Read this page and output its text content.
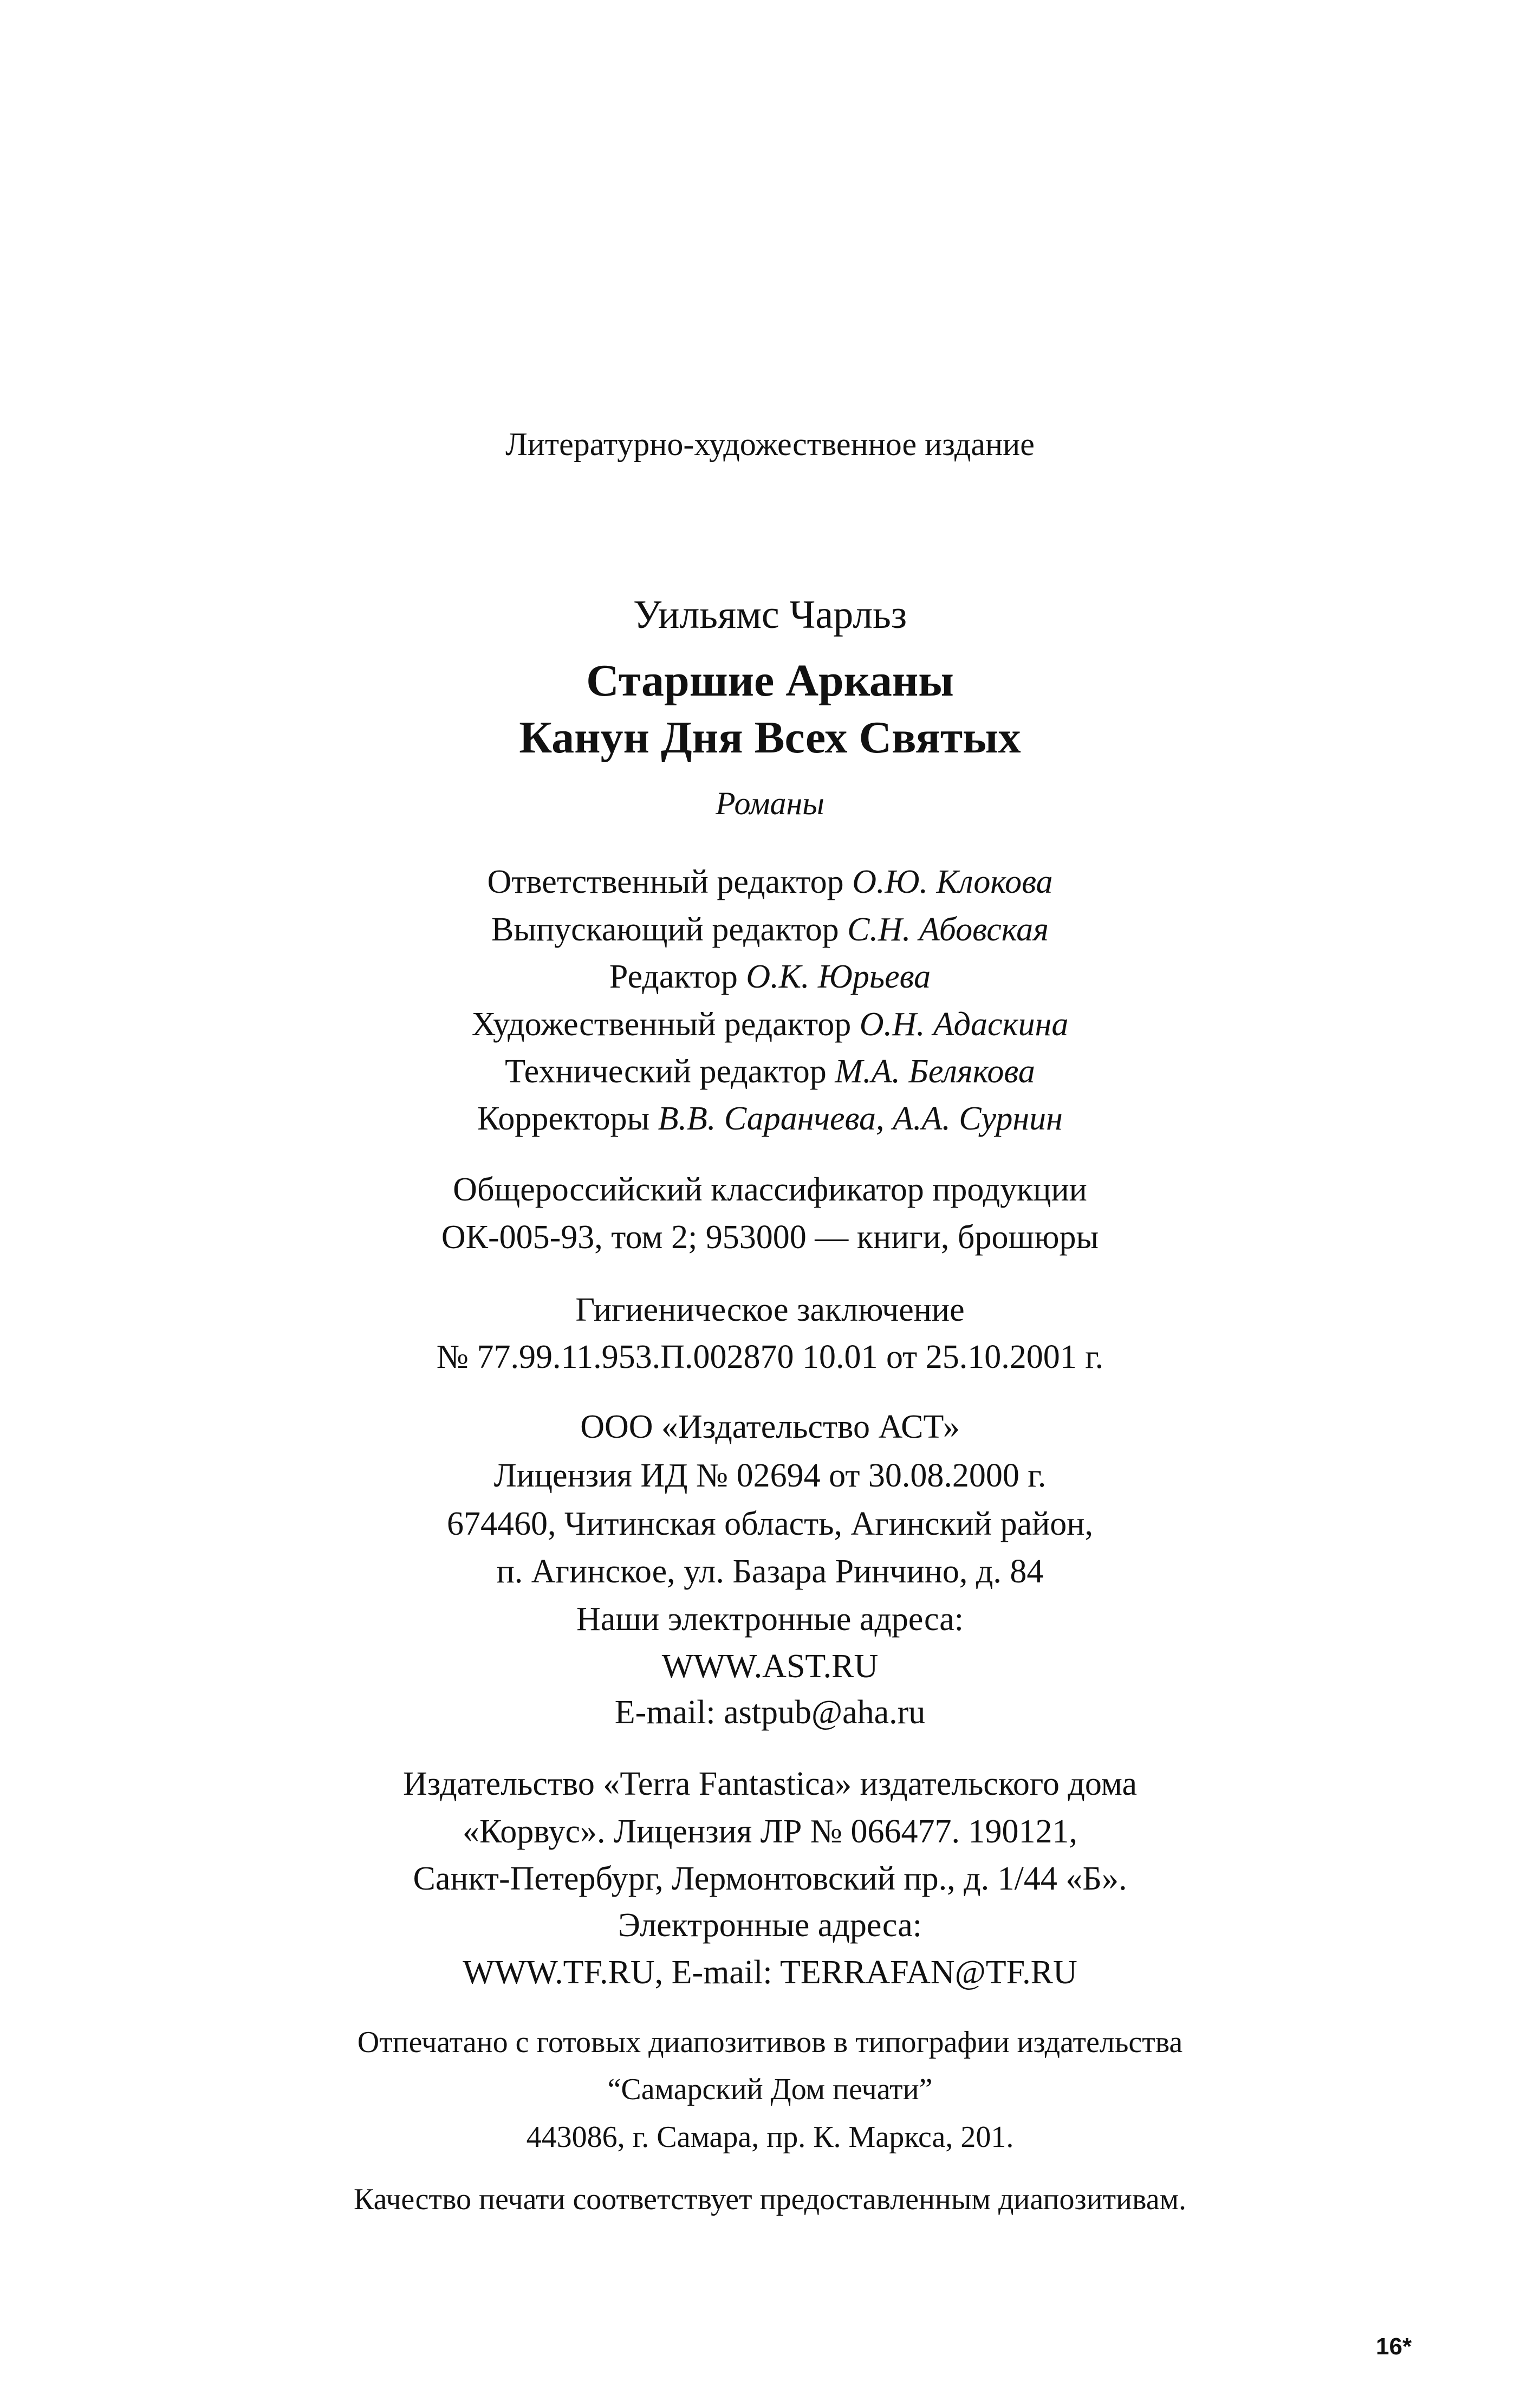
Литературно-художественное издание
Уильямс Чарльз
Старшие Арканы
Канун Дня Всех Святых
Романы
Ответственный редактор О.Ю. Клокова
Выпускающий редактор С.Н. Абовская
Редактор О.К. Юрьева
Художественный редактор О.Н. Адаскина
Технический редактор М.А. Белякова
Корректоры В.В. Саранчева, А.А. Сурнин
Общероссийский классификатор продукции
ОК-005-93, том 2; 953000 — книги, брошюры
Гигиеническое заключение
№ 77.99.11.953.П.002870 10.01 от 25.10.2001 г.
ООО «Издательство АСТ»
Лицензия ИД № 02694 от 30.08.2000 г.
674460, Читинская область, Агинский район,
п. Агинское, ул. Базара Ринчино, д. 84
Наши электронные адреса:
WWW.AST.RU
E-mail: astpub@aha.ru
Издательство «Terra Fantastica» издательского дома
«Корвус». Лицензия ЛР № 066477. 190121,
Санкт-Петербург, Лермонтовский пр., д. 1/44 «Б».
Электронные адреса:
WWW.TF.RU, E-mail: TERRAFAN@TF.RU
Отпечатано с готовых диапозитивов в типографии издательства
“Самарский Дом печати”
443086, г. Самара, пр. К. Маркса, 201.
Качество печати соответствует предоставленным диапозитивам.
16*
